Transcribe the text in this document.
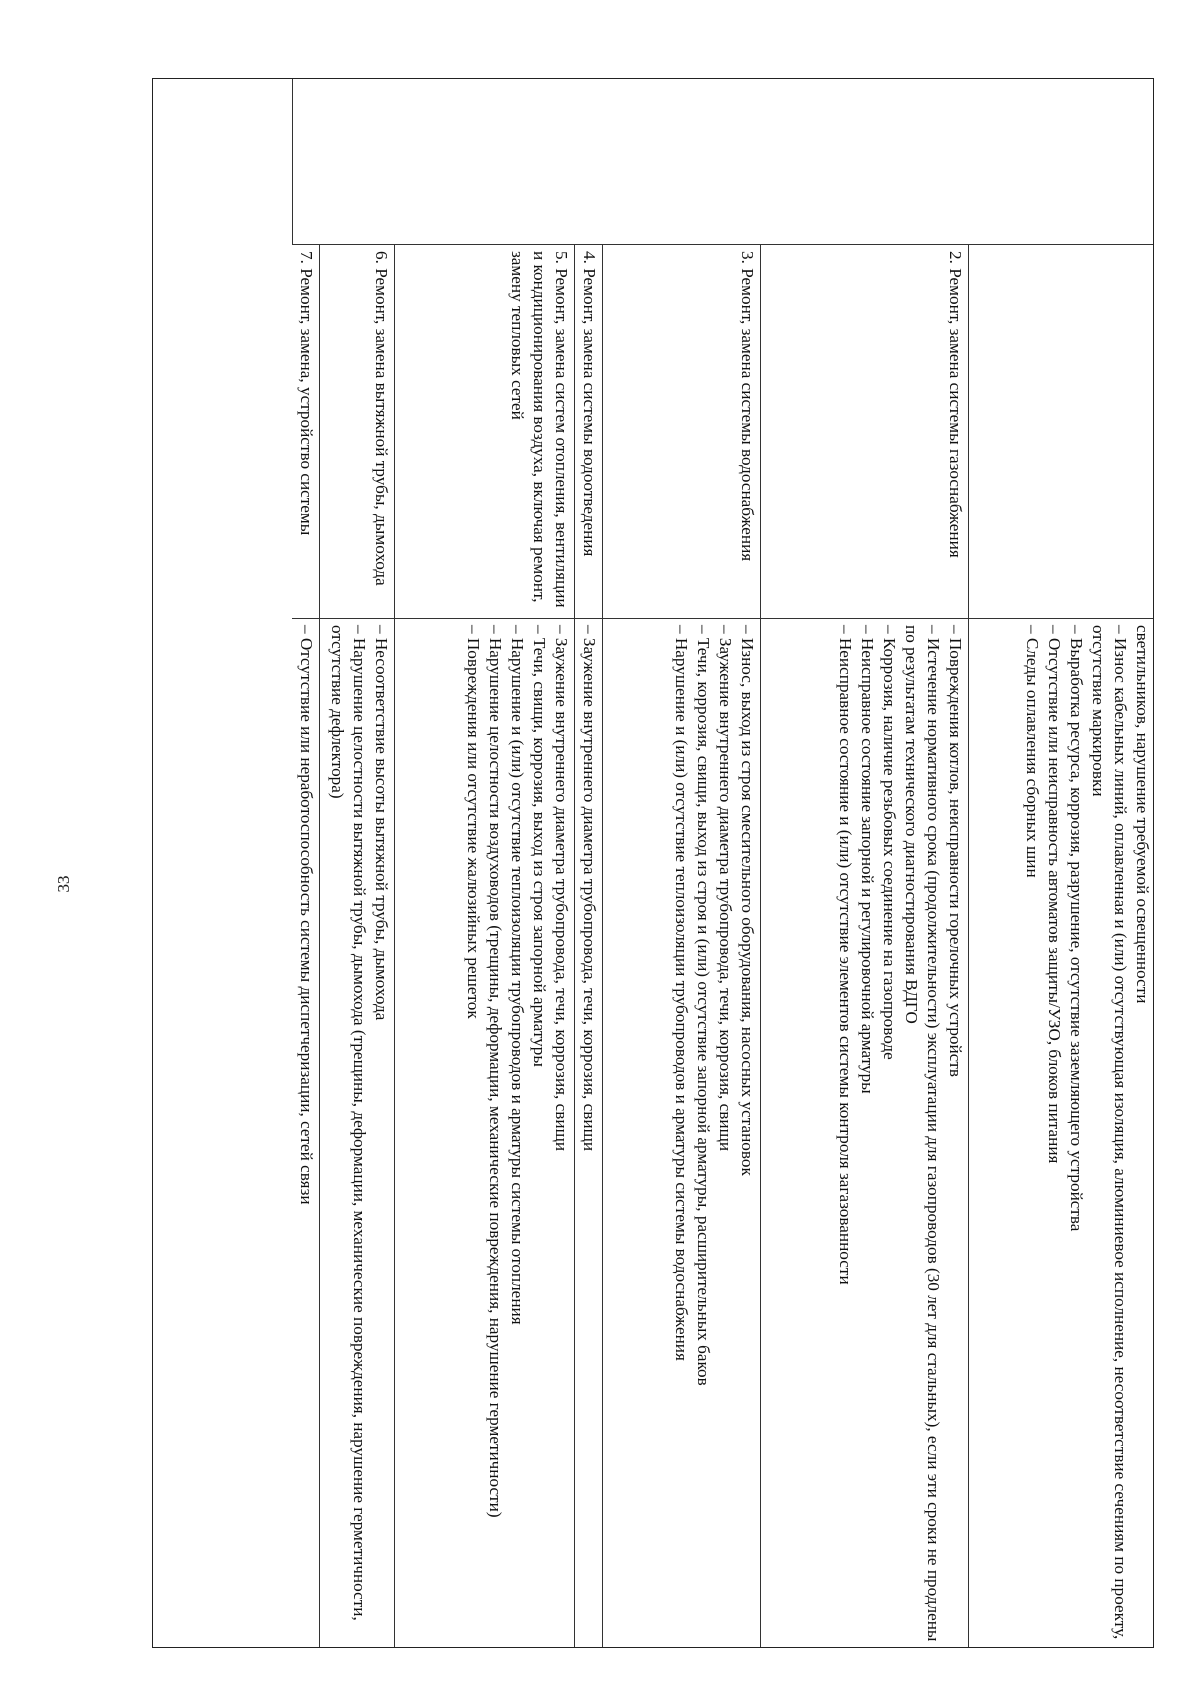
33	светильников, нарушение требуемой освещенности

– Износ кабельных линий, оплавленная и (или) отсутствующая изоляция, алюминиевое исполнение, несоответствие сечениям по проекту, отсутствие маркировки

– Выработка ресурса, коррозия, разрушение, отсутствие заземляющего устройства

– Отсутствие или неисправность автоматов защиты/УЗО, блоков питания

– Следы оплавления сборных шин

2. Ремонт, замена системы газоснабжения

– Повреждения котлов, неисправности горелочных устройств

– Истечение нормативного срока (продолжительности) эксплуатации для газопроводов (30 лет для стальных), если эти сроки не продлены по результатам технического диагностирования ВДГО

– Коррозия, наличие резьбовых соединение на газопроводе

– Неисправное состояние запорной и регулировочной арматуры

– Неисправное состояние и (или) отсутствие элементов системы контроля загазованности

3. Ремонт, замена системы водоснабжения

– Износ, выход из строя смесительного оборудования, насосных установок

– Заужение внутреннего диаметра трубопровода, течи, коррозия, свищи

– Течи, коррозия, свищи, выход из строя и (или) отсутствие запорной арматуры, расширительных баков

– Нарушение и (или) отсутствие теплоизоляции трубопроводов и арматуры системы водоснабжения

4. Ремонт, замена системы водоотведения

– Заужение внутреннего диаметра трубопровода, течи, коррозия, свищи

5. Ремонт, замена систем отопления, вентиляции и кондиционирования воздуха, включая ремонт, замену тепловых сетей

– Заужение внутреннего диаметра трубопровода, течи, коррозия, свищи

– Течи, свищи, коррозия, выход из строя запорной арматуры

– Нарушение и (или) отсутствие теплоизоляции трубопроводов и арматуры системы отопления

– Нарушение целостности воздуховодов (трещины, деформации, механические повреждения, нарушение герметичности)

– Повреждения или отсутствие жалюзийных решеток

6. Ремонт, замена вытяжной трубы, дымохода

– Несоответствие высоты вытяжной трубы, дымохода

– Нарушение целостности вытяжной трубы, дымохода (трещины, деформации, механические повреждения, нарушение герметичности, отсутствие дефлектора)

7. Ремонт, замена, устройство системы

– Отсутствие или неработоспособность системы диспетчеризации, сетей связи
